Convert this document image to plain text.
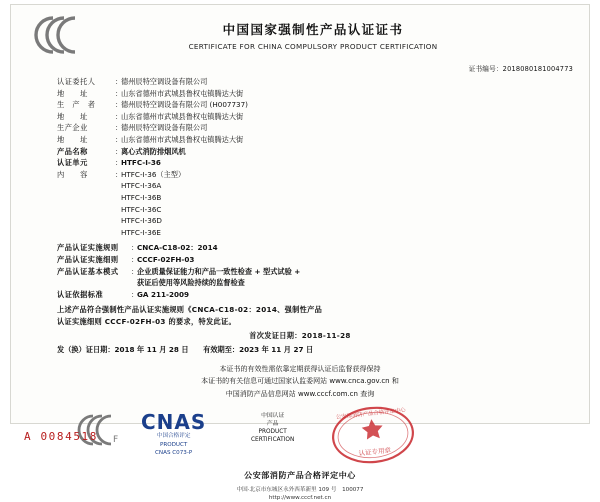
中国国家强制性产品认证证书
CERTIFICATE FOR CHINA COMPULSORY PRODUCT CERTIFICATION
证书编号：2018080181004773
认证委托人	：
德州辰特空调设备有限公司
地　　址	：
山东省德州市武城县鲁权屯镇腾达大街
生　产　者	：
德州辰特空调设备有限公司 (H007737)
地　　址	：
山东省德州市武城县鲁权屯镇腾达大街
生产企业	：
德州辰特空调设备有限公司
地　　址	：
山东省德州市武城县鲁权屯镇腾达大街
产品名称	：
离心式消防排烟风机
认证单元	：
HTFC-Ⅰ-36
内　　容	：
HTFC-Ⅰ-36（主型）
HTFC-Ⅰ-36A
HTFC-Ⅰ-36B
HTFC-Ⅰ-36C
HTFC-Ⅰ-36D
HTFC-Ⅰ-36E
产品认证实施规则	：
CNCA-C18-02：2014
产品认证实施细则	：
CCCF-02FH-03
产品认证基本模式	：
企业质量保证能力和产品一致性检查 + 型式试验 +
获证后使用等风险持续的监督检查
认证依据标准	：
GA 211-2009
上述产品符合强制性产品认证实施规则《CNCA-C18-02：2014、强制性产品
认证实施细则 CCCF-02FH-03 的要求，特发此证。
首次发证日期：2018-11-28
发（换）证日期：2018 年 11 月 28 日 有效期至：2023 年 11 月 27 日
本证书的有效性需依靠定期获得认证后监督获得保持
本证书的有关信息可通过国家认监委网站 www.cnca.gov.cn 和
中国消防产品信息网站 www.cccf.com.cn 查询
F
CNAS
中国合格评定
PRODUCT
CNAS C073-P
中国认证
产品
PRODUCT
CERTIFICATION
认证专用章
公安部消防产品合格评定中心
公安部消防产品合格评定中心
中国·北京市东城区永外西革新里 109 号　100077
http://www.cccf.net.cn
A 0084518
